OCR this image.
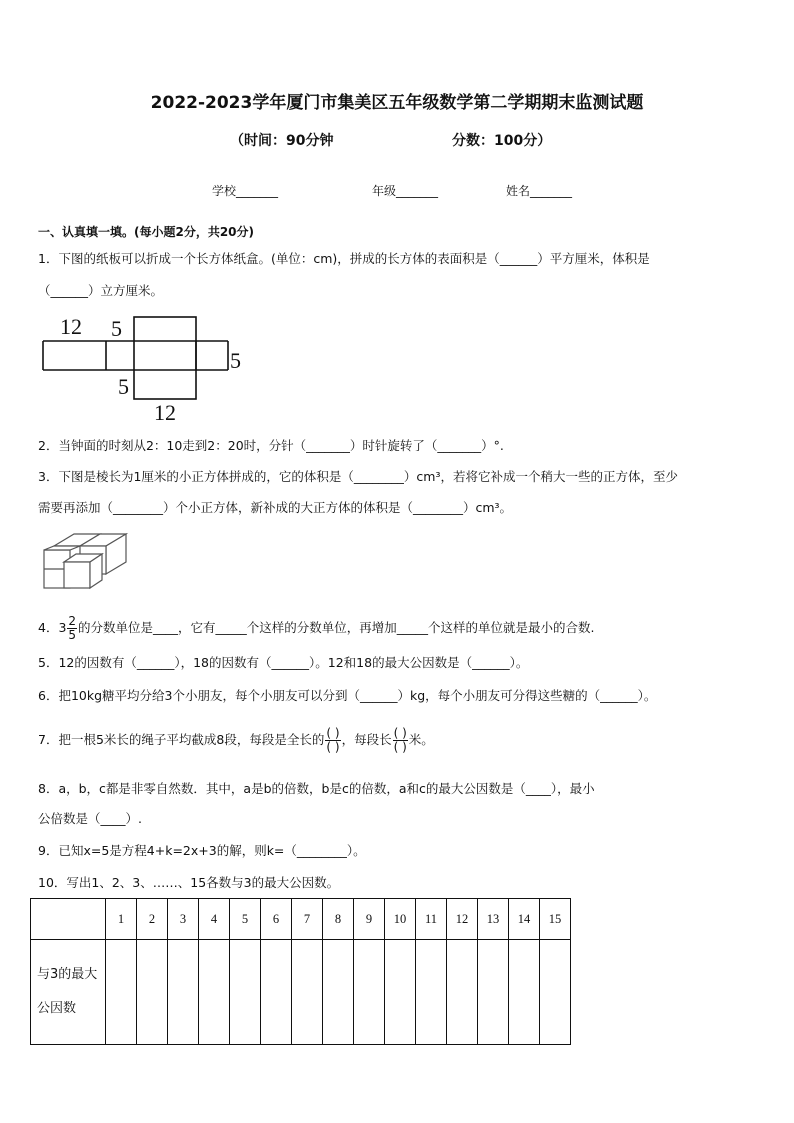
2022-2023学年厦门市集美区五年级数学第二学期期末监测试题
（时间：90分钟	分数：100分）
学校_______	年级_______	姓名_______
一、认真填一填。(每小题2分，共20分)
1．下图的纸板可以折成一个长方体纸盒。(单位：cm)，拼成的长方体的表面积是（______）平方厘米，体积是
（______）立方厘米。
12 5
5
5
12
2．当钟面的时刻从2：10走到2：20时，分针（_______）时针旋转了（_______）°.
3．下图是棱长为1厘米的小正方体拼成的，它的体积是（________）cm³，若将它补成一个稍大一些的正方体，至少
需要再添加（________）个小正方体，新补成的大正方体的体积是（________）cm³。
4．$3 \frac{2}{5}$ 的分数单位是____，它有_____个这样的分数单位，再增加_____个这样的单位就是最小的合数.
5．12的因数有（______），18的因数有（______）。12和18的最大公因数是（______）。
6．把10kg糖平均分给3个小朋友，每个小朋友可以分到（______）kg，每个小朋友可分得这些糖的（______）。
7．把一根5米长的绳子平均截成8段，每段是全长的 $\frac{( )}{( )}$ ，每段长 $\frac{( )}{( )}$ 米。
8．a，b，c都是非零自然数．其中，a是b的倍数，b是c的倍数，a和c的最大公因数是（____），最小
公倍数是（____）.
9．已知x=5是方程4+k=2x+3的解，则k=（________）。
10．写出1、2、3、……、15各数与3的最大公因数。
	1	2	3	4	5	6	7	8	9	10	11	12	13	14	15
与3的最大公因数															
